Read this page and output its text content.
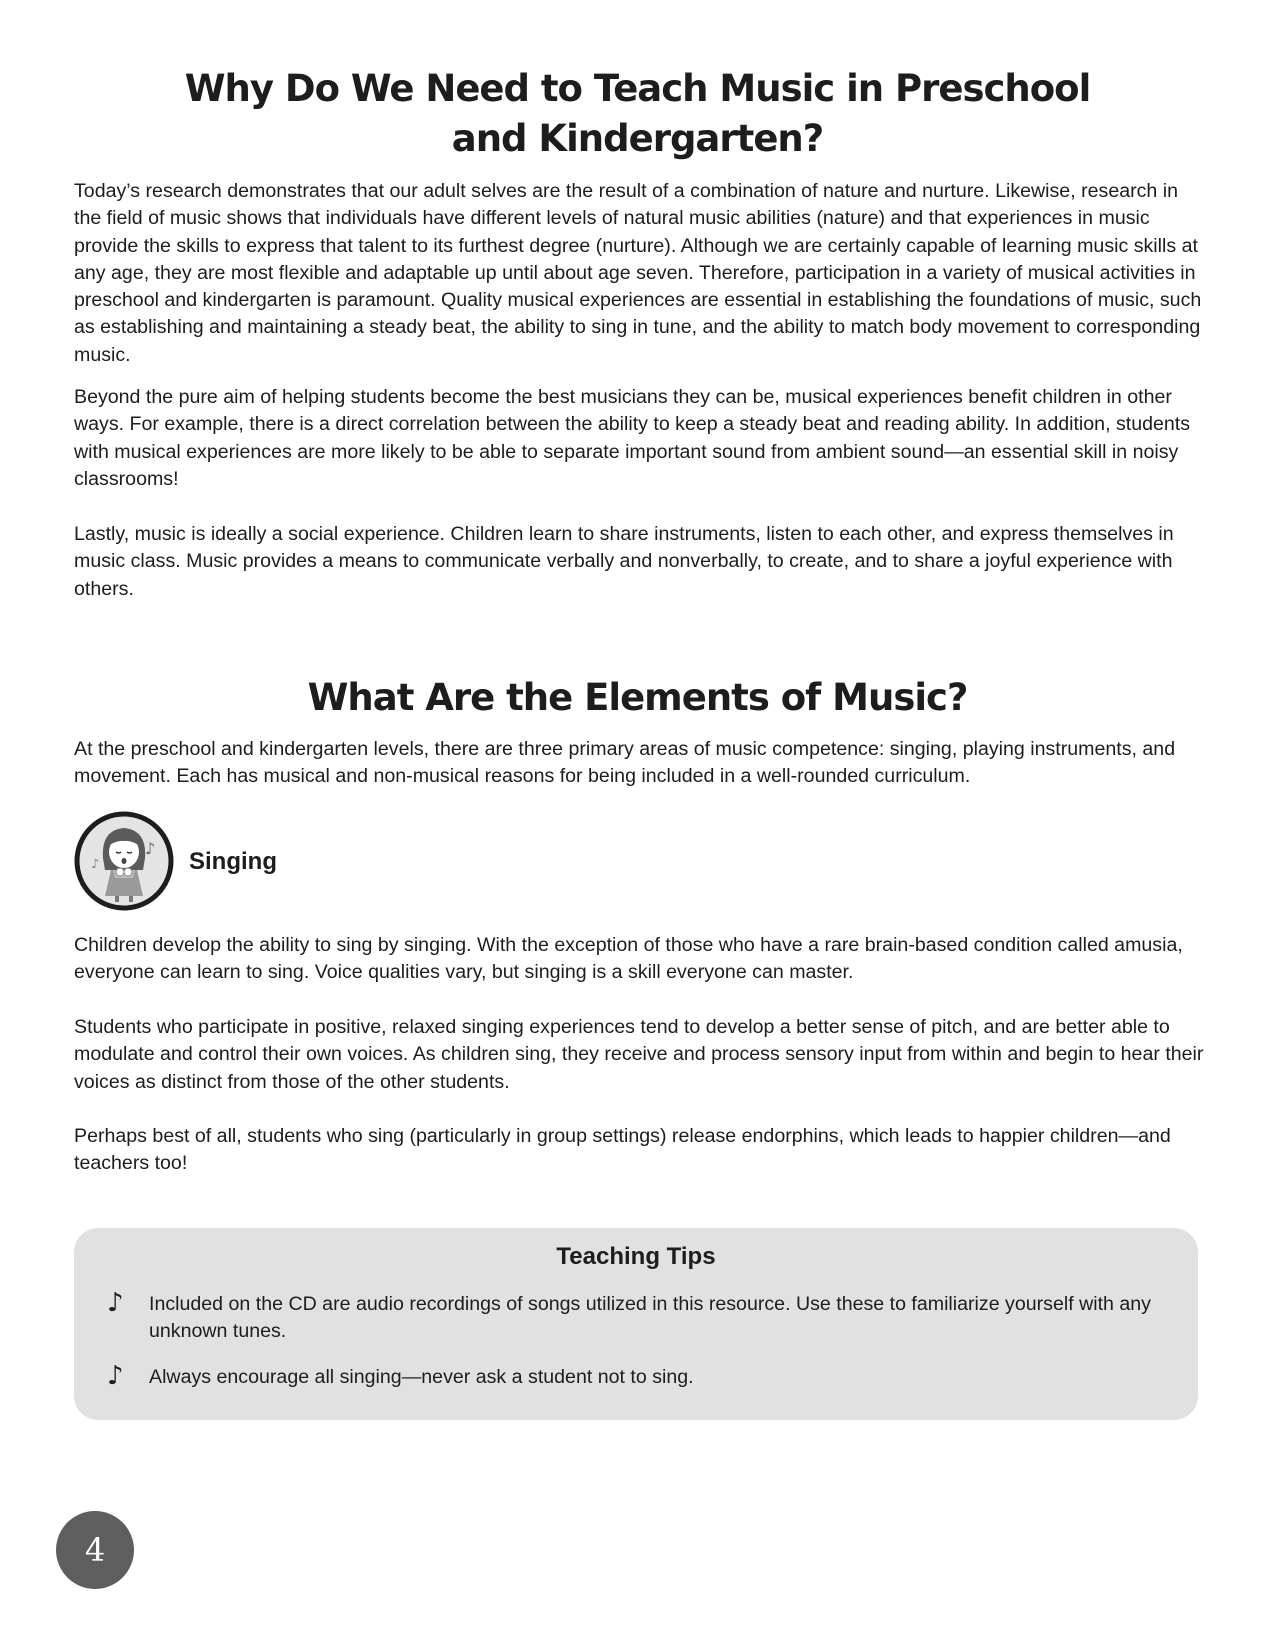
Why Do We Need to Teach Music in Preschool
and Kindergarten?

Today’s research demonstrates that our adult selves are the result of a combination of nature and nurture. Likewise, research in the field of music shows that individuals have different levels of natural music abilities (nature) and that experiences in music provide the skills to express that talent to its furthest degree (nurture). Although we are certainly capable of learning music skills at any age, they are most flexible and adaptable up until about age seven. Therefore, participation in a variety of musical activities in preschool and kindergarten is paramount. Quality musical experiences are essential in establishing the foundations of music, such as establishing and maintaining a steady beat, the ability to sing in tune, and the ability to match body movement to corresponding music.

Beyond the pure aim of helping students become the best musicians they can be, musical experiences benefit children in other ways. For example, there is a direct correlation between the ability to keep a steady beat and reading ability. In addition, students with musical experiences are more likely to be able to separate important sound from ambient sound—an essential skill in noisy classrooms!

Lastly, music is ideally a social experience. Children learn to share instruments, listen to each other, and express themselves in music class. Music provides a means to communicate verbally and nonverbally, to create, and to share a joyful experience with others.

What Are the Elements of Music?

At the preschool and kindergarten levels, there are three primary areas of music competence: singing, playing instruments, and movement. Each has musical and non-musical reasons for being included in a well-rounded curriculum.

♪
♪	Singing

Children develop the ability to sing by singing. With the exception of those who have a rare brain-based condition called amusia, everyone can learn to sing. Voice qualities vary, but singing is a skill everyone can master.

Students who participate in positive, relaxed singing experiences tend to develop a better sense of pitch, and are better able to modulate and control their own voices. As children sing, they receive and process sensory input from within and begin to hear their voices as distinct from those of the other students.

Perhaps best of all, students who sing (particularly in group settings) release endorphins, which leads to happier children—and teachers too!

Teaching Tips
♪ Included on the CD are audio recordings of songs utilized in this resource. Use these to familiarize yourself with any unknown tunes.
♪ Always encourage all singing—never ask a student not to sing.
4
